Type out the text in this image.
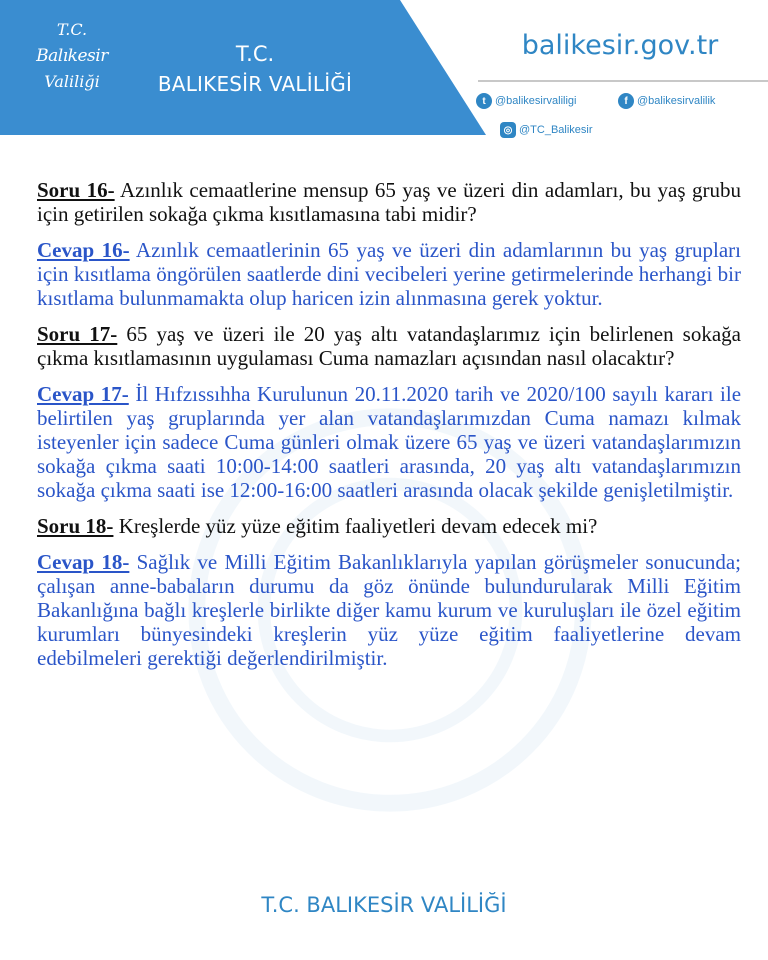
T.C.
Balıkesir
Valiliği
T.C.
BALIKESİR VALİLİĞİ
balikesir.gov.tr
t @balikesirvaliligi	f @balikesirvalilik
◎ @TC_Balikesir

Soru 16- Azınlık cemaatlerine mensup 65 yaş ve üzeri din adamları, bu yaş grubu için getirilen sokağa çıkma kısıtlamasına tabi midir?

Cevap 16- Azınlık cemaatlerinin 65 yaş ve üzeri din adamlarının bu yaş grupları için kısıtlama öngörülen saatlerde dini vecibeleri yerine getirmelerinde herhangi bir kısıtlama bulunmamakta olup haricen izin alınmasına gerek yoktur.

Soru 17- 65 yaş ve üzeri ile 20 yaş altı vatandaşlarımız için belirlenen sokağa çıkma kısıtlamasının uygulaması Cuma namazları açısından nasıl olacaktır?

Cevap 17- İl Hıfzıssıhha Kurulunun 20.11.2020 tarih ve 2020/100 sayılı kararı ile belirtilen yaş gruplarında yer alan vatandaşlarımızdan Cuma namazı kılmak isteyenler için sadece Cuma günleri olmak üzere 65 yaş ve üzeri vatandaşlarımızın sokağa çıkma saati 10:00-14:00 saatleri arasında, 20 yaş altı vatandaşlarımızın sokağa çıkma saati ise 12:00-16:00 saatleri arasında olacak şekilde genişletilmiştir.

Soru 18- Kreşlerde yüz yüze eğitim faaliyetleri devam edecek mi?

Cevap 18- Sağlık ve Milli Eğitim Bakanlıklarıyla yapılan görüşmeler sonucunda; çalışan anne-babaların durumu da göz önünde bulundurularak Milli Eğitim Bakanlığına bağlı kreşlerle birlikte diğer kamu kurum ve kuruluşları ile özel eğitim kurumları bünyesindeki kreşlerin yüz yüze eğitim faaliyetlerine devam edebilmeleri gerektiği değerlendirilmiştir.

T.C. BALIKESİR VALİLİĞİ
